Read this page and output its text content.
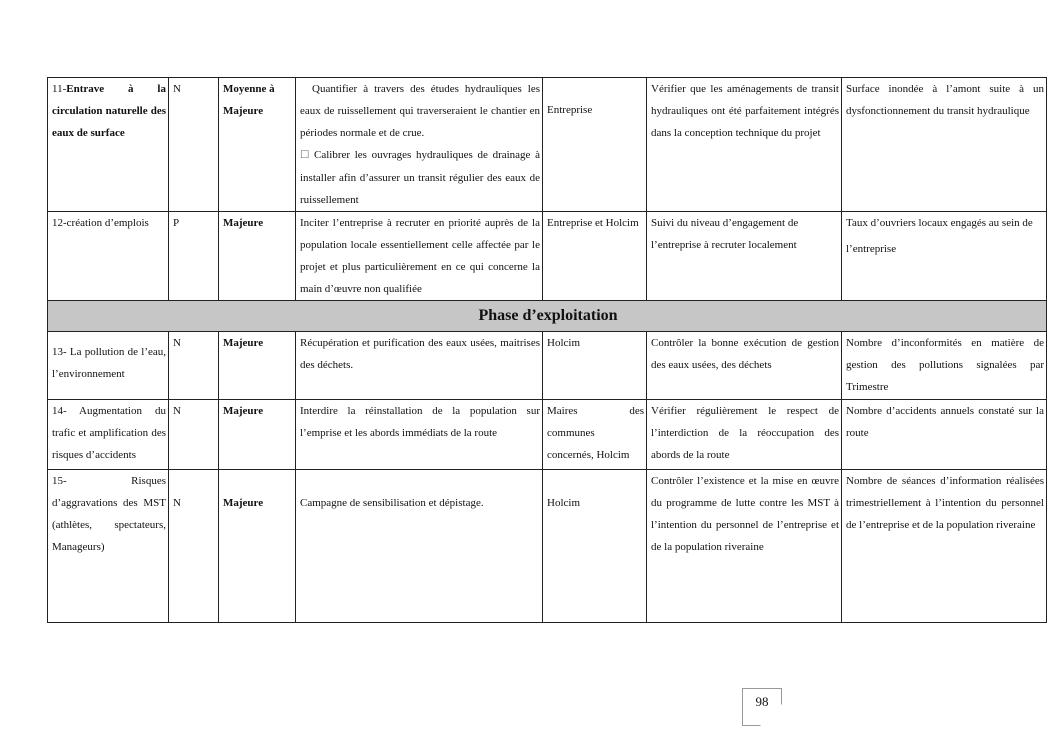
11-Entrave à la circulation naturelle des eaux de surface	N	Moyenne à Majeure	Quantifier à travers des études hydrauliques les eaux de ruissellement qui traverseraient le chantier en périodes normale et de crue.
☐ Calibrer les ouvrages hydrauliques de drainage à installer afin d’assurer un transit régulier des eaux de ruissellement	Entreprise	Vérifier que les aménagements de transit hydrauliques ont été parfaitement intégrés dans la conception technique du projet	Surface inondée à l’amont suite à un dysfonctionnement du transit hydraulique
12-création d’emplois	P	Majeure	Inciter l’entreprise à recruter en priorité auprès de la population locale essentiellement celle affectée par le projet et plus particulièrement en ce qui concerne la main d’œuvre non qualifiée	Entreprise et Holcim	Suivi du niveau d’engagement de l’entreprise à recruter localement	Taux d’ouvriers locaux engagés au sein de
l’entreprise

Phase d’exploitation						
13- La pollution de l’eau, l’environnement	N	Majeure	Récupération et purification des eaux usées, maitrises des déchets.	Holcim	Contrôler la bonne exécution de gestion des eaux usées, des déchets	Nombre d’inconformités en matière de gestion des pollutions signalées par Trimestre
14- Augmentation du trafic et amplification des risques d’accidents	N	Majeure	Interdire la réinstallation de la population sur l’emprise et les abords immédiats de la route	Maires des communes concernés, Holcim	Vérifier régulièrement le respect de l’interdiction de la réoccupation des abords de la route	Nombre d’accidents annuels constaté sur la route
15- Risques d’aggravations des MST (athlètes, spectateurs, Manageurs)	N	Majeure	Campagne de sensibilisation et dépistage.	Holcim	Contrôler l’existence et la mise en œuvre du programme de lutte contre les MST à l’intention du personnel de l’entreprise et de la population riveraine	Nombre de séances d’information réalisées trimestriellement à l’intention du personnel de l’entreprise et de la population riveraine
98
